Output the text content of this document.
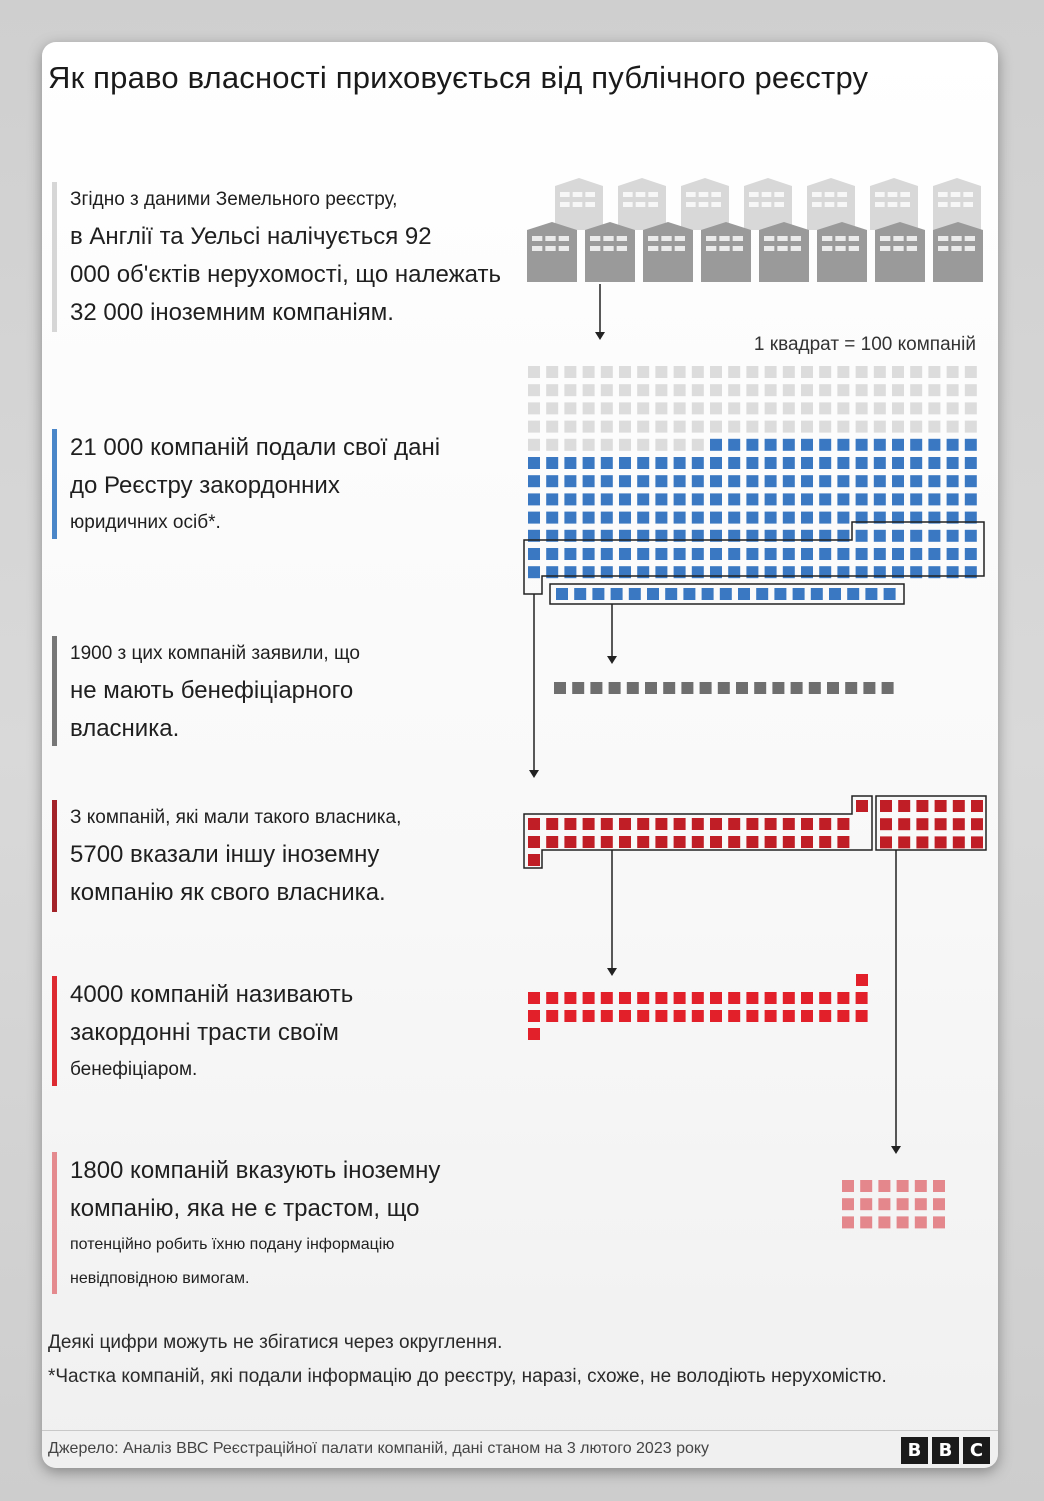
Як право власності приховується від публічного реєстру
Згідно з даними Земельного реєстру,
в Англії та Уельсі налічується 92
000 об'єктів нерухомості, що належать
32 000 іноземним компаніям.
21 000 компаній подали свої дані
до Реєстру закордонних
юридичних осіб*.
1900 з цих компаній заявили, що
не мають бенефіціарного
власника.
З компаній, які мали такого власника,
5700 вказали іншу іноземну
компанію як свого власника.
4000 компаній називають
закордонні трасти своїм
бенефіціаром.
1800 компаній вказують іноземну
компанію, яка не є трастом, що
потенційно робить їхню подану інформацію
невідповідною вимогам.
1 квадрат = 100 компаній
Деякі цифри можуть не збігатися через округлення.
*Частка компаній, які подали інформацію до реєстру, наразі, схоже, не володіють нерухомістю.
Джерело: Аналіз ВВС Реєстраційної палати компаній, дані станом на 3 лютого 2023 року	B B C
